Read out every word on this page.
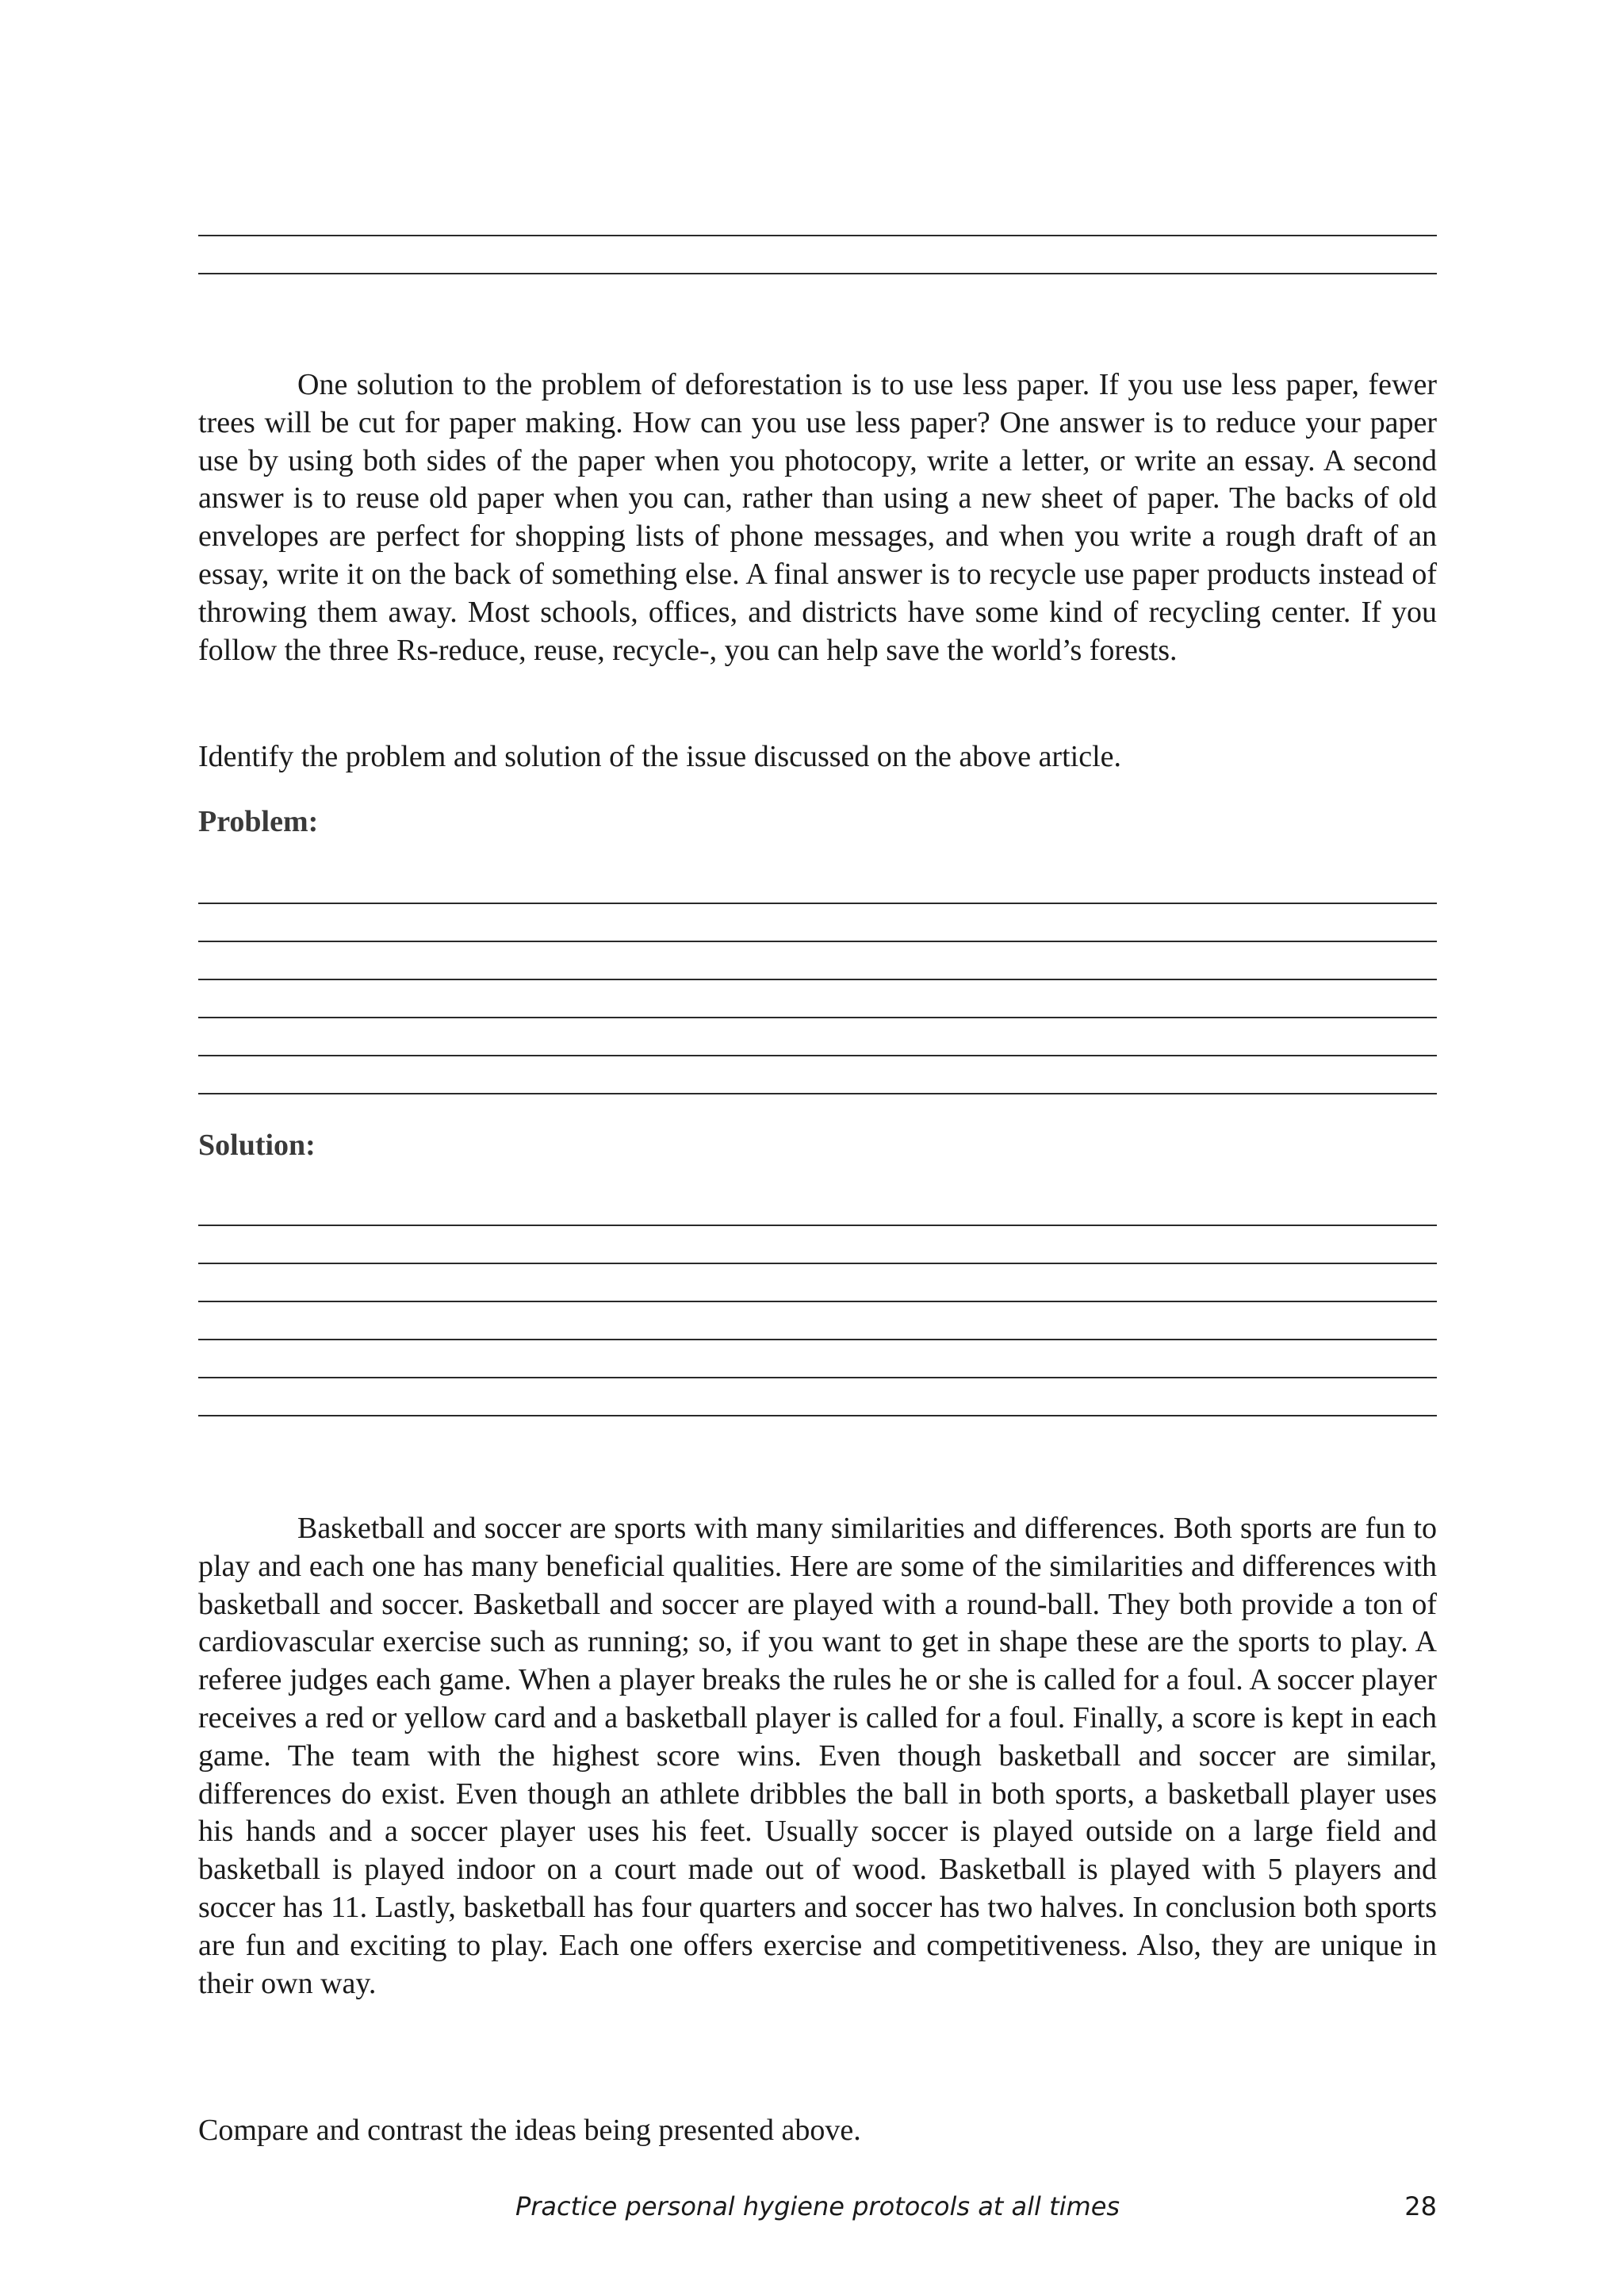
One solution to the problem of deforestation is to use less paper. If you use less paper, fewer trees will be cut for paper making. How can you use less paper? One answer is to reduce your paper use by using both sides of the paper when you photocopy, write a letter, or write an essay. A second answer is to reuse old paper when you can, rather than using a new sheet of paper. The backs of old envelopes are perfect for shopping lists of phone messages, and when you write a rough draft of an essay, write it on the back of something else. A final answer is to recycle use paper products instead of throwing them away. Most schools, offices, and districts have some kind of recycling center. If you follow the three Rs-reduce, reuse, recycle-, you can help save the world’s forests.

Identify the problem and solution of the issue discussed on the above article.

Problem:

Solution:

Basketball and soccer are sports with many similarities and differences. Both sports are fun to play and each one has many beneficial qualities. Here are some of the similarities and differences with basketball and soccer. Basketball and soccer are played with a round-ball. They both provide a ton of cardiovascular exercise such as running; so, if you want to get in shape these are the sports to play. A referee judges each game. When a player breaks the rules he or she is called for a foul. A soccer player receives a red or yellow card and a basketball player is called for a foul. Finally, a score is kept in each game. The team with the highest score wins. Even though basketball and soccer are similar, differences do exist. Even though an athlete dribbles the ball in both sports, a basketball player uses his hands and a soccer player uses his feet. Usually soccer is played outside on a large field and basketball is played indoor on a court made out of wood. Basketball is played with 5 players and soccer has 11. Lastly, basketball has four quarters and soccer has two halves. In conclusion both sports are fun and exciting to play. Each one offers exercise and competitiveness. Also, they are unique in their own way.

Compare and contrast the ideas being presented above.

Practice personal hygiene protocols at all times	28
